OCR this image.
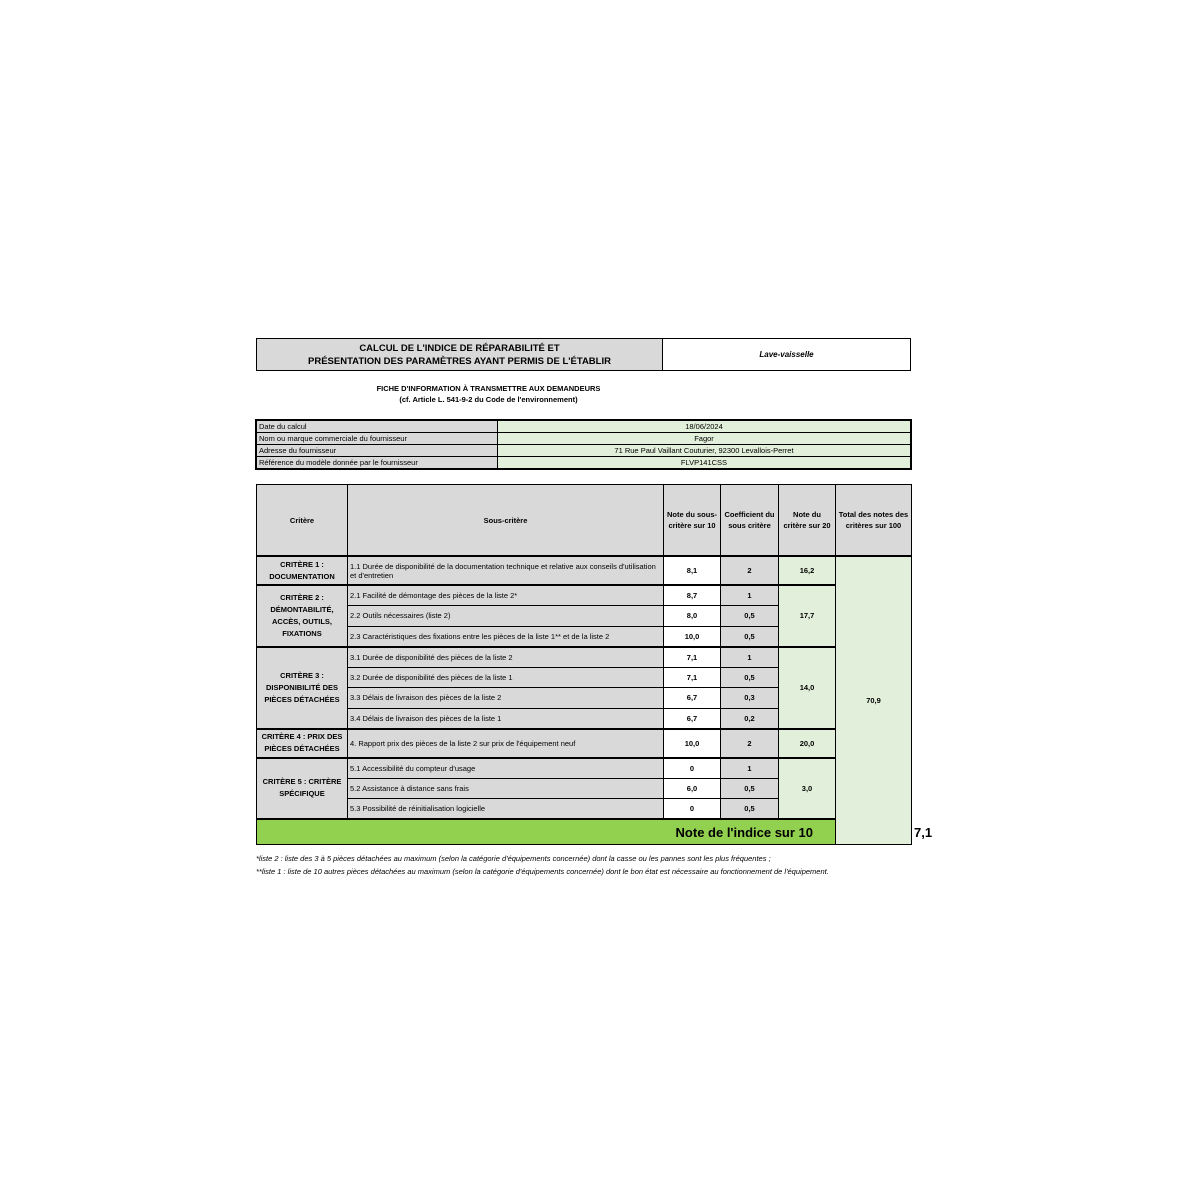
CALCUL DE L'INDICE DE RÉPARABILITÉ ET
PRÉSENTATION DES PARAMÈTRES AYANT PERMIS DE L'ÉTABLIR
Lave-vaisselle
FICHE D'INFORMATION À TRANSMETTRE AUX DEMANDEURS
(cf. Article L. 541-9-2 du Code de l'environnement)
Date du calcul	18/06/2024
Nom ou marque commerciale du fournisseur	Fagor
Adresse du fournisseur	71 Rue Paul Vaillant Couturier, 92300 Levallois-Perret
Référence du modèle donnée par le fournisseur	FLVP141CSS
Critère	Sous-critère	Note du sous-critère sur 10	Coefficient du sous critère	Note du critère sur 20	Total des notes des critères sur 100	
CRITÈRE 1 : DOCUMENTATION	1.1 Durée de disponibilité de la documentation technique et relative aux conseils d'utilisation et d'entretien	8,1	2	16,2	70,9	
CRITÈRE 2 : DÉMONTABILITÉ, ACCÈS, OUTILS, FIXATIONS	2.1 Facilité de démontage des pièces de la liste 2*	8,7	1	17,7		
	2.2 Outils nécessaires (liste 2)	8,0	0,5			
	2.3 Caractéristiques des fixations entre les pièces de la liste 1** et de la liste 2	10,0	0,5			
CRITÈRE 3 : DISPONIBILITÉ DES PIÈCES DÉTACHÉES	3.1 Durée de disponibilité des pièces de la liste 2	7,1	1	14,0		
	3.2 Durée de disponibilité des pièces de la liste 1	7,1	0,5			
	3.3 Délais de livraison des pièces de la liste 2	6,7	0,3			
	3.4 Délais de livraison des pièces de la liste 1	6,7	0,2			
CRITÈRE 4 : PRIX DES PIÈCES DÉTACHÉES	4. Rapport prix des pièces de la liste 2 sur prix de l'équipement neuf	10,0	2	20,0		
CRITÈRE 5 : CRITÈRE SPÉCIFIQUE	5.1 Accessibilité du compteur d'usage	0	1	3,0		
	5.2 Assistance à distance sans frais	6,0	0,5			
	5.3 Possibilité de réinitialisation logicielle	0	0,5			
Note de l'indice sur 10						7,1

*liste 2 : liste des 3 à 5 pièces détachées au maximum (selon la catégorie d'équipements concernée) dont la casse ou les pannes sont les plus fréquentes ;

**liste 1 : liste de 10 autres pièces détachées au maximum (selon la catégorie d'équipements concernée) dont le bon état est nécessaire au fonctionnement de l'équipement.
